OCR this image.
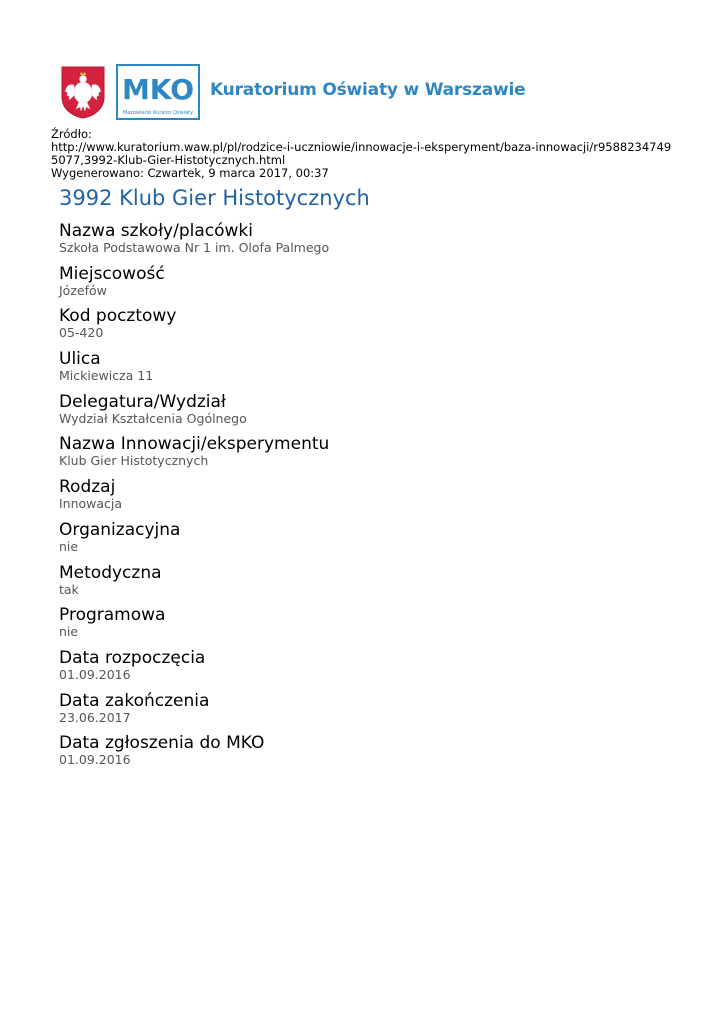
MKO
Mazowiecki Kurator Oświaty
Kuratorium Oświaty w Warszawie
Źródło:
http://www.kuratorium.waw.pl/pl/rodzice-i-uczniowie/innowacje-i-eksperyment/baza-innowacji/r9588234749
5077,3992-Klub-Gier-Histotycznych.html
Wygenerowano: Czwartek, 9 marca 2017, 00:37
3992 Klub Gier Histotycznych
Nazwa szkoły/placówki
Szkoła Podstawowa Nr 1 im. Olofa Palmego
Miejscowość
Józefów
Kod pocztowy
05-420
Ulica
Mickiewicza 11
Delegatura/Wydział
Wydział Kształcenia Ogólnego
Nazwa Innowacji/eksperymentu
Klub Gier Histotycznych
Rodzaj
Innowacja
Organizacyjna
nie
Metodyczna
tak
Programowa
nie
Data rozpoczęcia
01.09.2016
Data zakończenia
23.06.2017
Data zgłoszenia do MKO
01.09.2016
